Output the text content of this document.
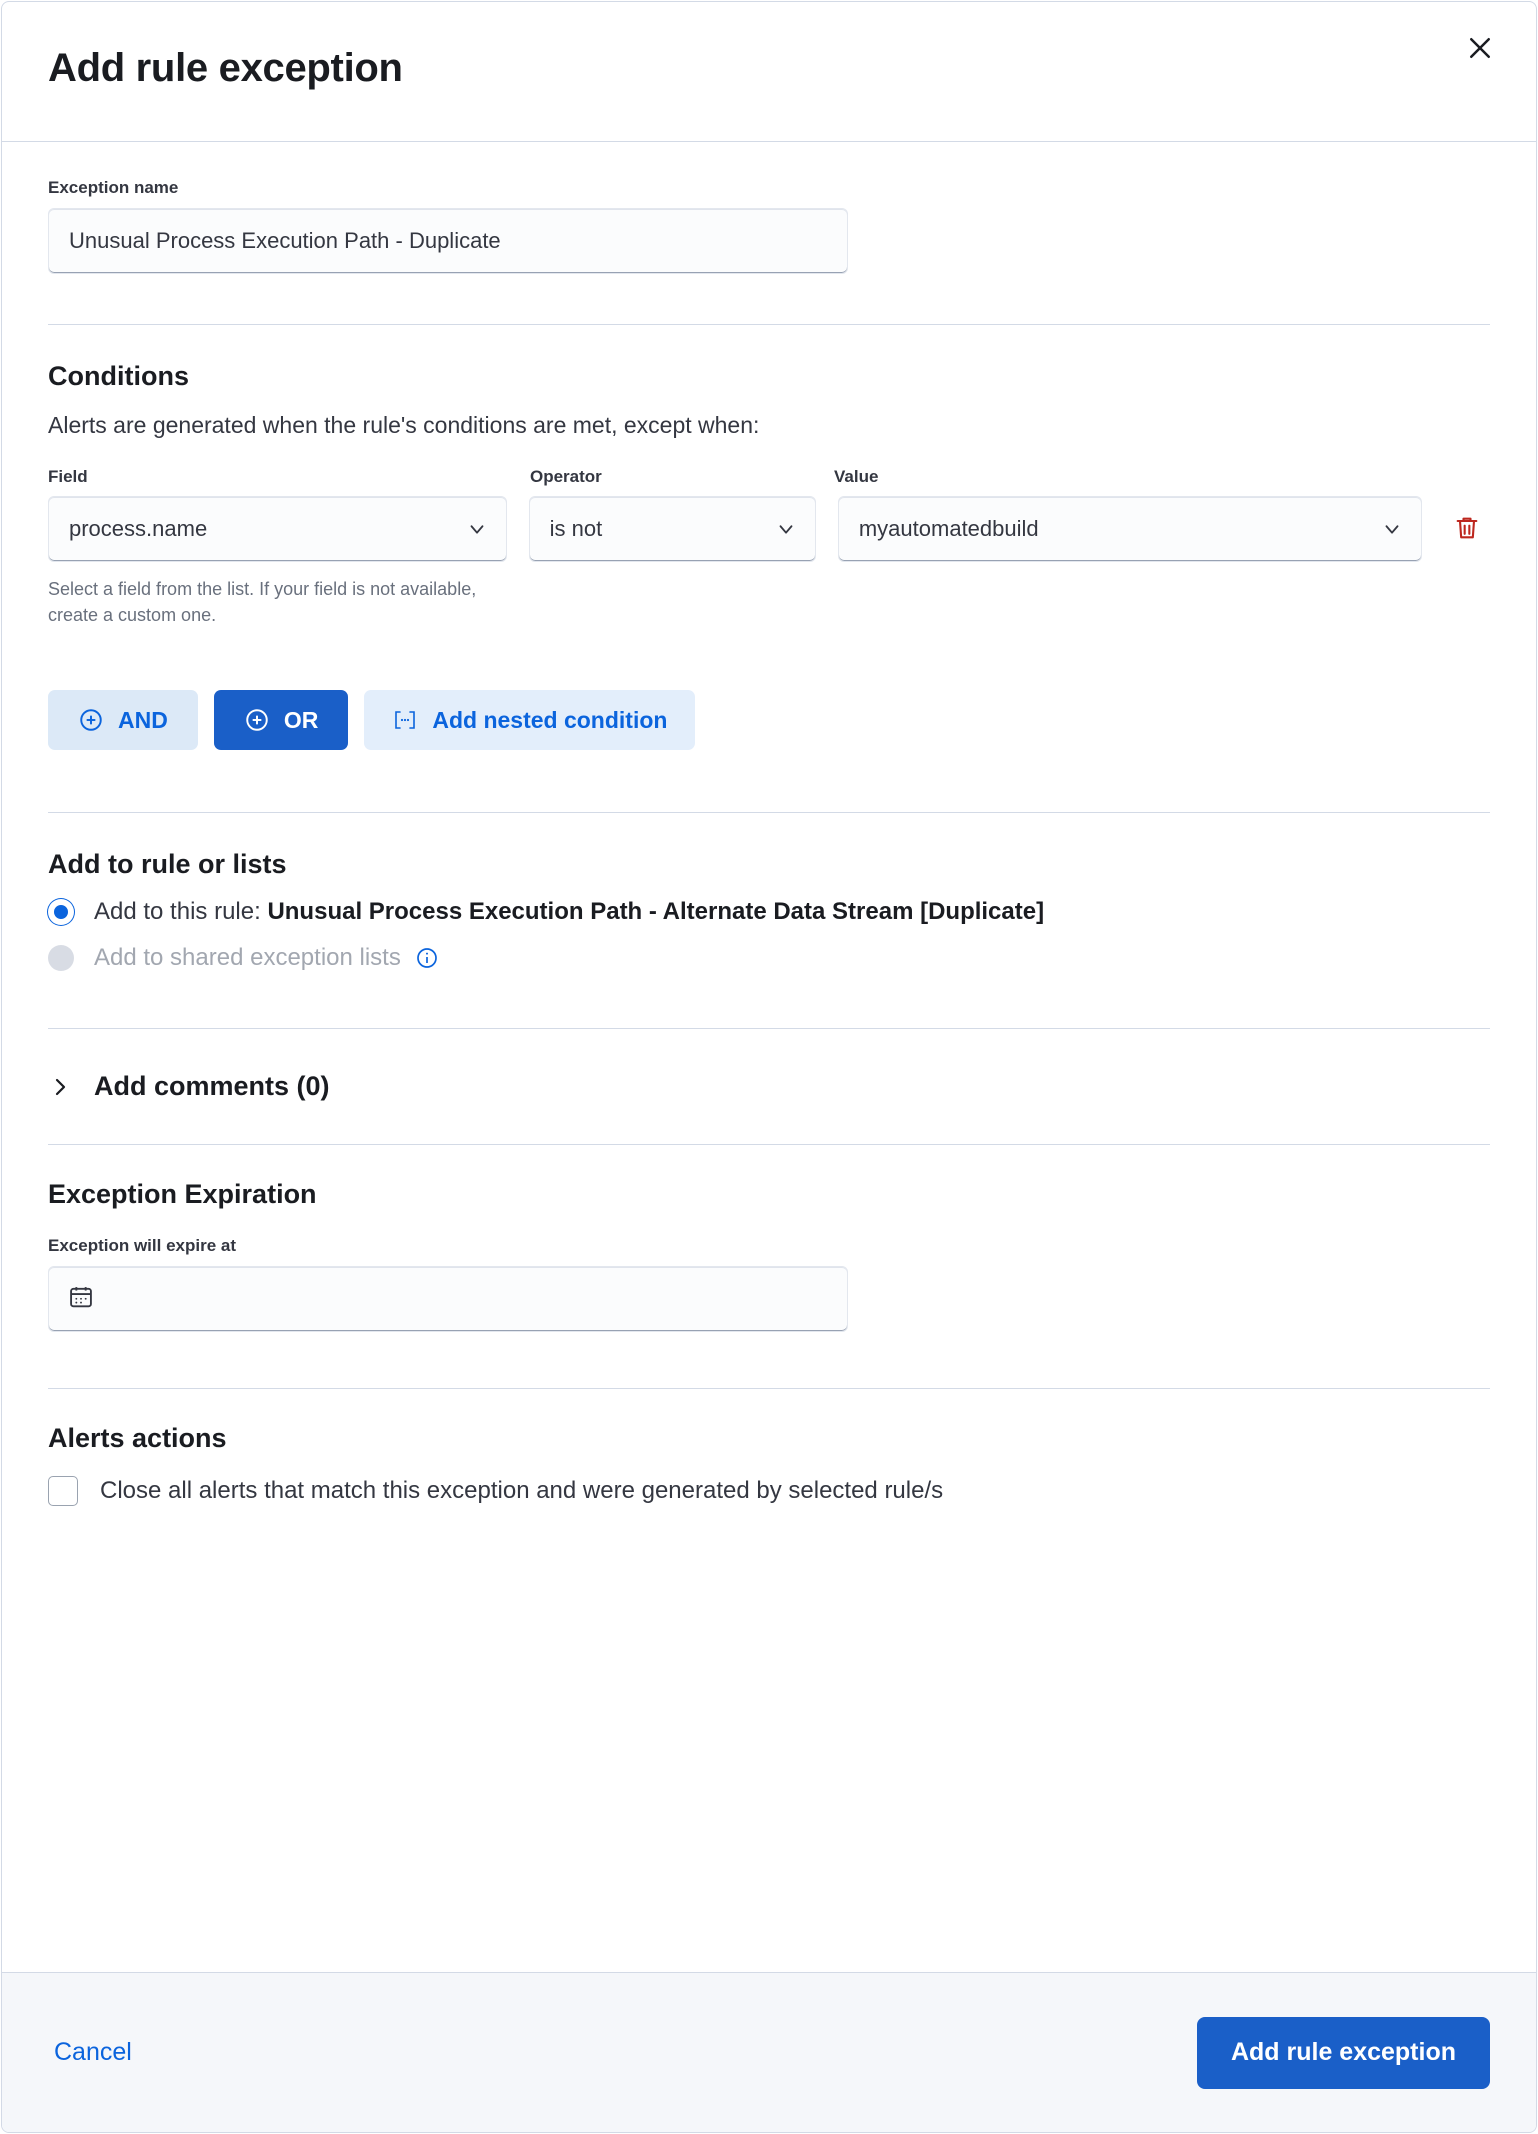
Add rule exception
Exception name
Unusual Process Execution Path - Duplicate
Conditions
Alerts are generated when the rule's conditions are met, except when:
Field	Operator	Value
process.name	is not	myautomatedbuild
Select a field from the list. If your field is not available, create a custom one.
AND	OR	Add nested condition
Add to rule or lists
Add to this rule: Unusual Process Execution Path - Alternate Data Stream [Duplicate]
Add to shared exception lists
Add comments (0)
Exception Expiration
Exception will expire at
Alerts actions
Close all alerts that match this exception and were generated by selected rule/s
Cancel	Add rule exception
